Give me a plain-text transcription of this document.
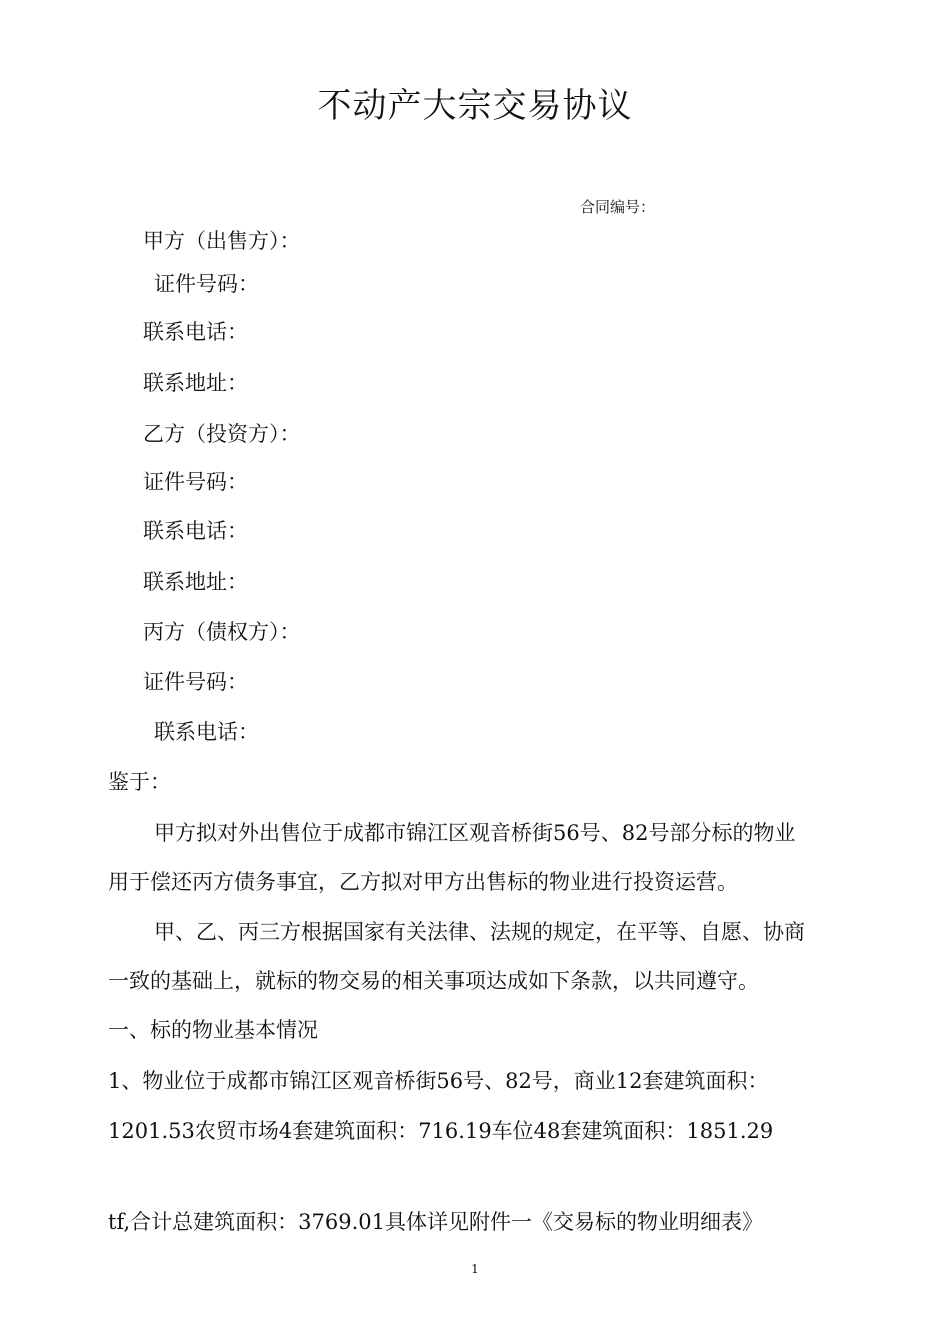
不动产大宗交易协议
合同编号：
甲方（出售方）：
证件号码：
联系电话：
联系地址：
乙方（投资方）：
证件号码：
联系电话：
联系地址：
丙方（债权方）：
证件号码：
联系电话：
鉴于：
甲方拟对外出售位于成都市锦江区观音桥街56号、82号部分标的物业
用于偿还丙方债务事宜，乙方拟对甲方出售标的物业进行投资运营。
甲、乙、丙三方根据国家有关法律、法规的规定，在平等、自愿、协商
一致的基础上，就标的物交易的相关事项达成如下条款，以共同遵守。
一、标的物业基本情况
1、物业位于成都市锦江区观音桥街56号、82号，商业12套建筑面积：
1201.53农贸市场4套建筑面积：716.19车位48套建筑面积：1851.29
tf,合计总建筑面积：3769.01具体详见附件一《交易标的物业明细表》
1
